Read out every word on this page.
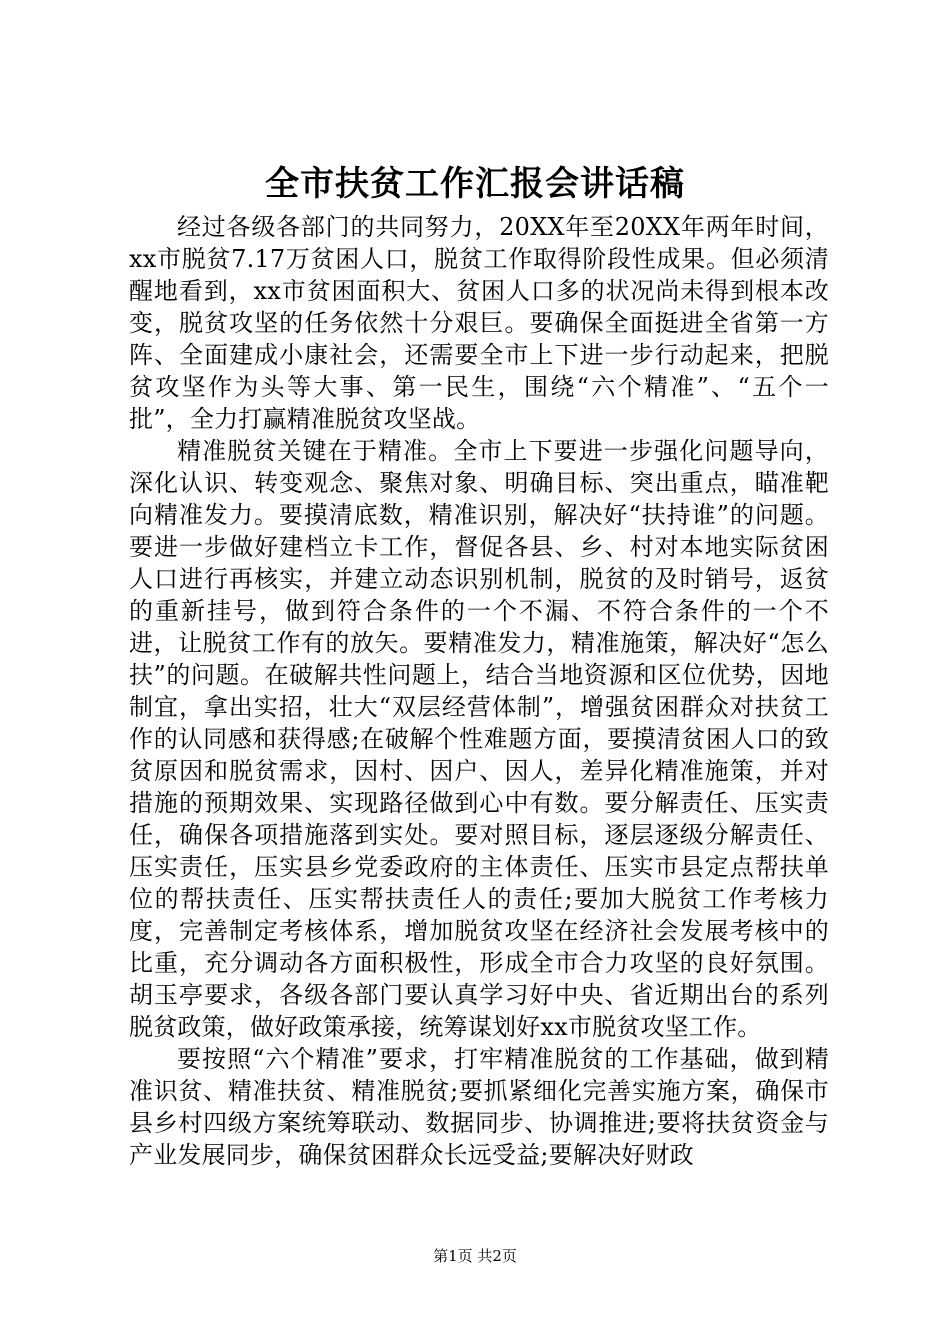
全市扶贫工作汇报会讲话稿

经过各级各部门的共同努力，20XX年至20XX年两年时间，xx市脱贫7.17万贫困人口，脱贫工作取得阶段性成果。但必须清醒地看到，xx市贫困面积大、贫困人口多的状况尚未得到根本改变，脱贫攻坚的任务依然十分艰巨。要确保全面挺进全省第一方阵、全面建成小康社会，还需要全市上下进一步行动起来，把脱贫攻坚作为头等大事、第一民生，围绕“六个精准”、“五个一批”，全力打赢精准脱贫攻坚战。

精准脱贫关键在于精准。全市上下要进一步强化问题导向，深化认识、转变观念、聚焦对象、明确目标、突出重点，瞄准靶向精准发力。要摸清底数，精准识别，解决好“扶持谁”的问题。要进一步做好建档立卡工作，督促各县、乡、村对本地实际贫困人口进行再核实，并建立动态识别机制，脱贫的及时销号，返贫的重新挂号，做到符合条件的一个不漏、不符合条件的一个不进，让脱贫工作有的放矢。要精准发力，精准施策，解决好“怎么扶”的问题。在破解共性问题上，结合当地资源和区位优势，因地制宜，拿出实招，壮大“双层经营体制”，增强贫困群众对扶贫工作的认同感和获得感;在破解个性难题方面，要摸清贫困人口的致贫原因和脱贫需求，因村、因户、因人，差异化精准施策，并对措施的预期效果、实现路径做到心中有数。要分解责任、压实责任，确保各项措施落到实处。要对照目标，逐层逐级分解责任、压实责任，压实县乡党委政府的主体责任、压实市县定点帮扶单位的帮扶责任、压实帮扶责任人的责任;要加大脱贫工作考核力度，完善制定考核体系，增加脱贫攻坚在经济社会发展考核中的比重，充分调动各方面积极性，形成全市合力攻坚的良好氛围。胡玉亭要求，各级各部门要认真学习好中央、省近期出台的系列脱贫政策，做好政策承接，统筹谋划好xx市脱贫攻坚工作。

要按照“六个精准”要求，打牢精准脱贫的工作基础，做到精准识贫、精准扶贫、精准脱贫;要抓紧细化完善实施方案，确保市县乡村四级方案统筹联动、数据同步、协调推进;要将扶贫资金与产业发展同步，确保贫困群众长远受益;要解决好财政

第1页 共2页
